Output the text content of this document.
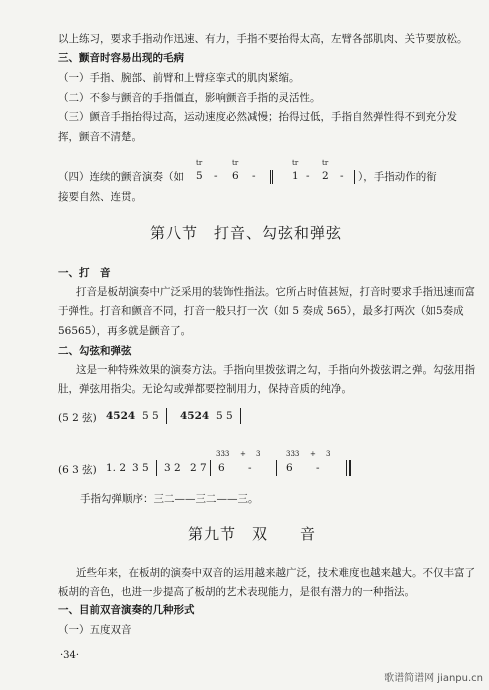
以上练习，要求手指动作迅速、有力，手指不要抬得太高，左臂各部肌肉、关节要放松。
三、颤音时容易出现的毛病
（一）手指、腕部、前臂和上臂痉挛式的肌肉紧缩。
（二）不参与颤音的手指僵直，影响颤音手指的灵活性。
（三）颤音手指抬得过高，运动速度必然减慢；抬得过低，手指自然弹性得不到充分发
挥，颤音不清楚。
（四）连续的颤音演奏（如
tr	tr	tr	tr
5 - 6 -	1 - 2 - ），手指动作的衔
接要自然、连贯。
第八节　打音、勾弦和弹弦
一、打　音
打音是板胡演奏中广泛采用的装饰性指法。它所占时值甚短，打音时要求手指迅速而富
于弹性。打音和颤音不同，打音一般只打一次（如 5 奏成 565），最多打两次（如5奏成
56565），再多就是颤音了。
二、勾弦和弹弦
这是一种特殊效果的演奏方法。手指向里拨弦谓之勾，手指向外拨弦谓之弹。勾弦用指
肚，弹弦用指尖。无论勾或弹都要控制用力，保持音质的纯净。
(5 2 弦) 4524 5 5 4524 5 5
333 + 3	333 + 3
(6 3 弦) 1. 2 3 5 3 2 2 7 6 -	6 -
手指勾弹顺序：三二——三二——三。
第九节　双　　音
近些年来，在板胡的演奏中双音的运用越来越广泛，技术难度也越来越大。不仅丰富了
板胡的音色，也进一步提高了板胡的艺术表现能力，是很有潜力的一种指法。
一、目前双音演奏的几种形式
（一）五度双音
·34·
歌谱简谱网 jianpu.cn
